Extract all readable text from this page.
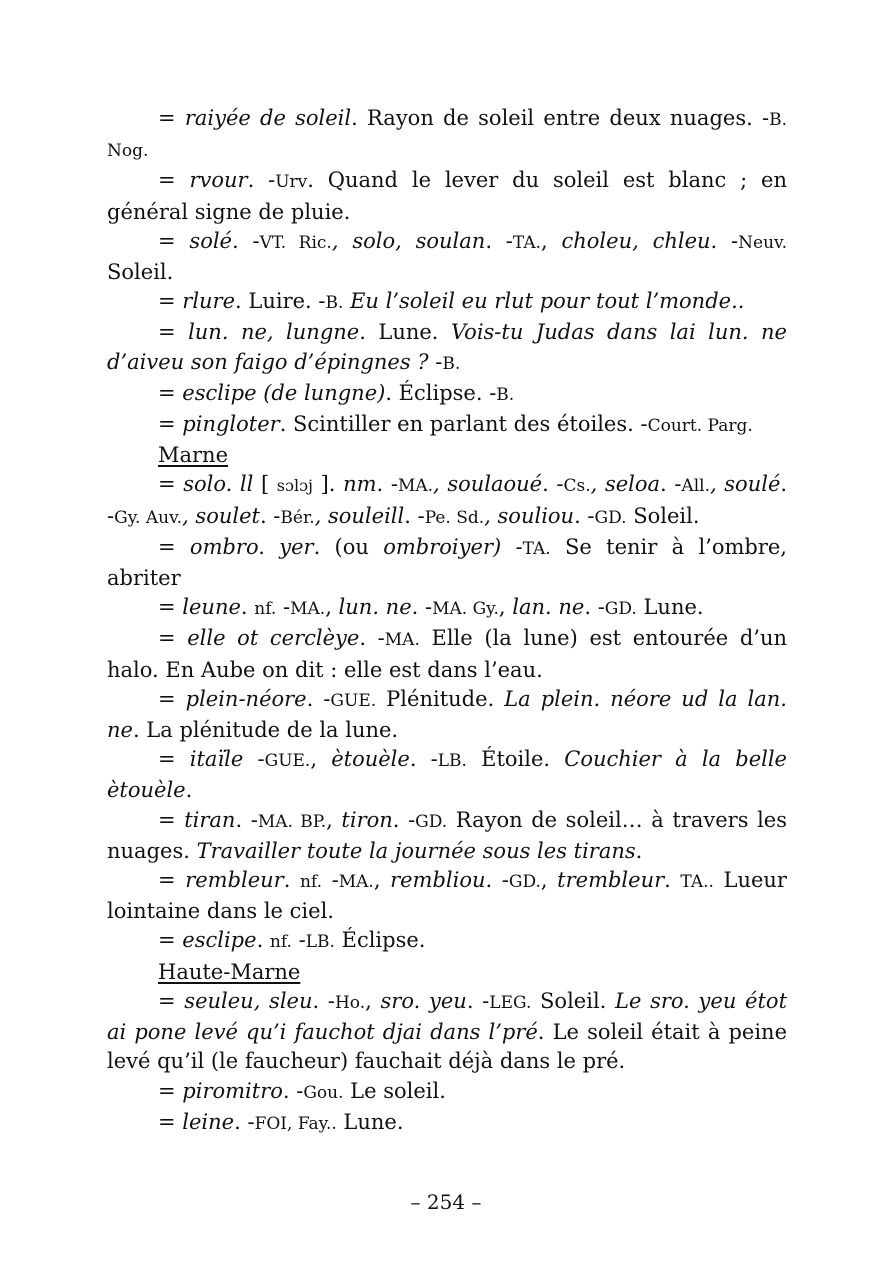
= raiyée de soleil. Rayon de soleil entre deux nuages. -B. Nog.

= rvour. -Urv. Quand le lever du soleil est blanc ; en général signe de pluie.

= solé. -VT. Ric., solo, soulan. -TA., choleu, chleu. -Neuv. Soleil.

= rlure. Luire. -B. Eu l’soleil eu rlut pour tout l’monde..

= lun. ne, lungne. Lune. Vois-tu Judas dans lai lun. ne d’aiveu son faigo d’épingnes ? -B.

= esclipe (de lungne). Éclipse. -B.

= pingloter. Scintiller en parlant des étoiles. -Court. Parg.

Marne

= solo. ll [ sɔlɔj ]. nm. -MA., soulaoué. -Cs., seloa. -All., soulé. -Gy. Auv., soulet. -Bér., souleill. -Pe. Sd., souliou. -GD. Soleil.

= ombro. yer. (ou ombroiyer) -TA. Se tenir à l’ombre, abriter

= leune. nf. -MA., lun. ne. -MA. Gy., lan. ne. -GD. Lune.

= elle ot cerclèye. -MA. Elle (la lune) est entourée d’un halo. En Aube on dit : elle est dans l’eau.

= plein-néore. -GUE. Plénitude. La plein. néore ud la lan. ne. La plénitude de la lune.

= itaïle -GUE., ètouèle. -LB. Étoile. Couchier à la belle ètouèle.

= tiran. -MA. BP., tiron. -GD. Rayon de soleil… à travers les nuages. Travailler toute la journée sous les tirans.

= rembleur. nf. -MA., rembliou. -GD., trembleur. TA.. Lueur lointaine dans le ciel.

= esclipe. nf. -LB. Éclipse.

Haute-Marne

= seuleu, sleu. -Ho., sro. yeu. -LEG. Soleil. Le sro. yeu étot ai pone levé qu’i fauchot djai dans l’pré. Le soleil était à peine levé qu’il (le faucheur) fauchait déjà dans le pré.

= piromitro. -Gou. Le soleil.

= leine. -FOI, Fay.. Lune.

– 254 –
